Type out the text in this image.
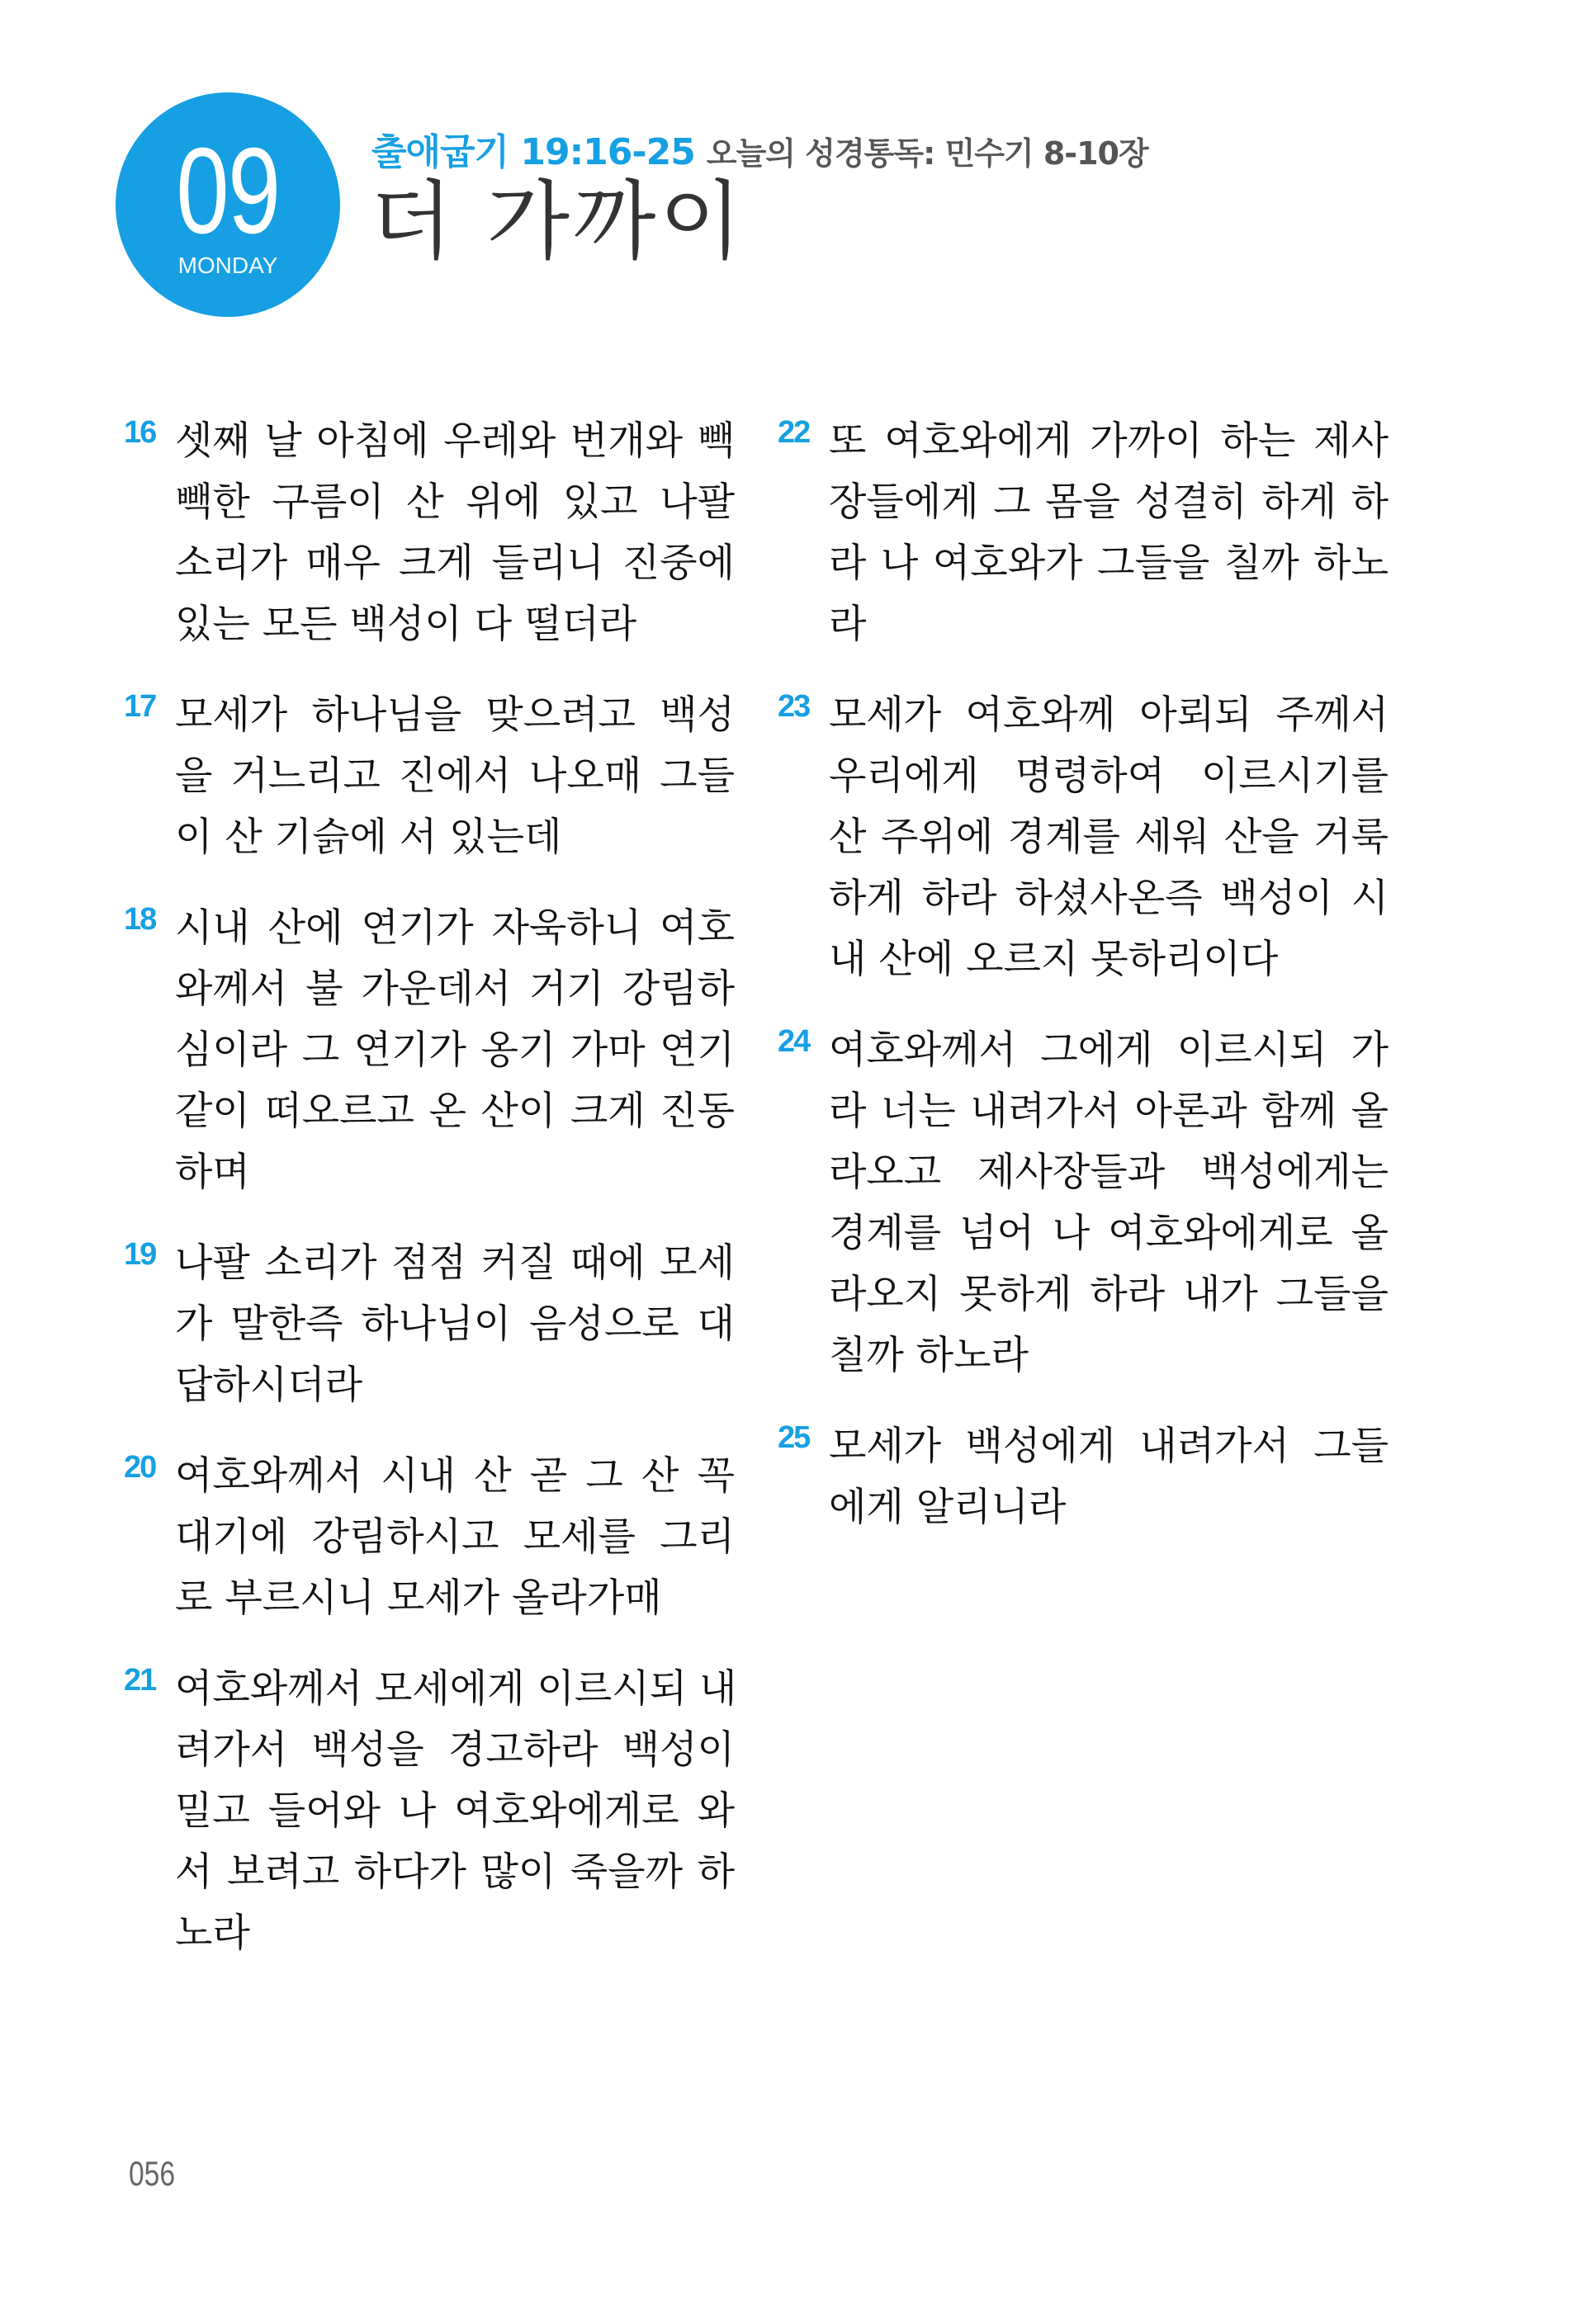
09
MONDAY
출애굽기 19:16-25 오늘의 성경통독: 민수기 8-10장
더 가까이
16 셋째 날 아침에 우레와 번개와 빽
빽한 구름이 산 위에 있고 나팔
소리가 매우 크게 들리니 진중에
있는 모든 백성이 다 떨더라
17 모세가 하나님을 맞으려고 백성
을 거느리고 진에서 나오매 그들
이 산 기슭에 서 있는데
18 시내 산에 연기가 자욱하니 여호
와께서 불 가운데서 거기 강림하
심이라 그 연기가 옹기 가마 연기
같이 떠오르고 온 산이 크게 진동
하며
19 나팔 소리가 점점 커질 때에 모세
가 말한즉 하나님이 음성으로 대
답하시더라
20 여호와께서 시내 산 곧 그 산 꼭
대기에 강림하시고 모세를 그리
로 부르시니 모세가 올라가매
21 여호와께서 모세에게 이르시되 내
려가서 백성을 경고하라 백성이
밀고 들어와 나 여호와에게로 와
서 보려고 하다가 많이 죽을까 하
노라
22 또 여호와에게 가까이 하는 제사
장들에게 그 몸을 성결히 하게 하
라 나 여호와가 그들을 칠까 하노
라
23 모세가 여호와께 아뢰되 주께서
우리에게 명령하여 이르시기를
산 주위에 경계를 세워 산을 거룩
하게 하라 하셨사온즉 백성이 시
내 산에 오르지 못하리이다
24 여호와께서 그에게 이르시되 가
라 너는 내려가서 아론과 함께 올
라오고 제사장들과 백성에게는
경계를 넘어 나 여호와에게로 올
라오지 못하게 하라 내가 그들을
칠까 하노라
25 모세가 백성에게 내려가서 그들
에게 알리니라
056
